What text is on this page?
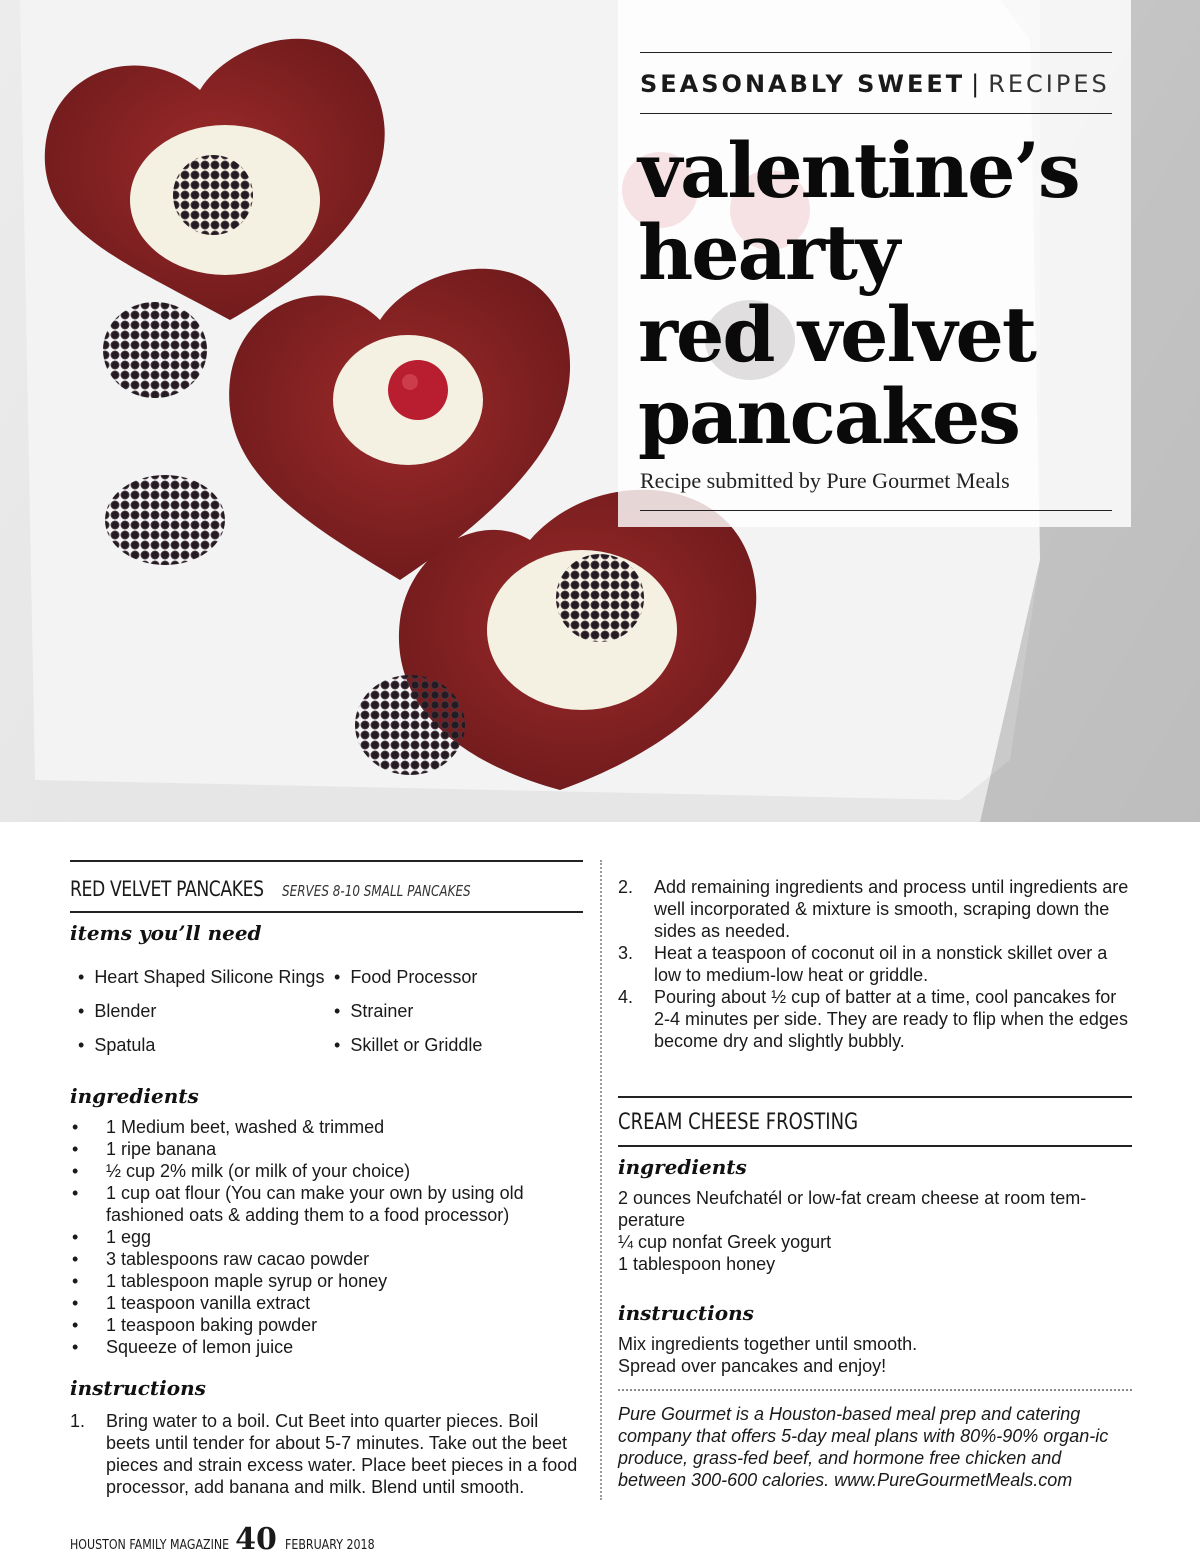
SEASONABLY SWEET | RECIPES
valentine’s
hearty
red velvet
pancakes
Recipe submitted by Pure Gourmet Meals
RED VELVET PANCAKES SERVES 8-10 SMALL PANCAKES
items you’ll need
• Heart Shaped Silicone Rings	• Food Processor
• Blender	• Strainer
• Spatula	• Skillet or Griddle
ingredients
• 1 Medium beet, washed & trimmed
• 1 ripe banana
• ½ cup 2% milk (or milk of your choice)
• 1 cup oat flour (You can make your own by using old fashioned oats & adding them to a food processor)
• 1 egg
• 3 tablespoons raw cacao powder
• 1 tablespoon maple syrup or honey
• 1 teaspoon vanilla extract
• 1 teaspoon baking powder
• Squeeze of lemon juice
instructions
1.	Bring water to a boil. Cut Beet into quarter pieces. Boil beets until tender for about 5-7 minutes. Take out the beet pieces and strain excess water. Place beet pieces in a food processor, add banana and milk. Blend until smooth.
2.	Add remaining ingredients and process until ingredients are well incorporated & mixture is smooth, scraping down the sides as needed.
3.	Heat a teaspoon of coconut oil in a nonstick skillet over a low to medium-low heat or griddle.
4.	Pouring about ½ cup of batter at a time, cool pancakes for 2-4 minutes per side. They are ready to flip when the edges become dry and slightly bubbly.
CREAM CHEESE FROSTING
ingredients
2 ounces Neufchatél or low-fat cream cheese at room tem-perature
¼ cup nonfat Greek yogurt
1 tablespoon honey
instructions
Mix ingredients together until smooth.
Spread over pancakes and enjoy!
Pure Gourmet is a Houston-based meal prep and catering company that offers 5-day meal plans with 80%-90% organ-ic produce, grass-fed beef, and hormone free chicken and between 300-600 calories. www.PureGourmetMeals.com
HOUSTON FAMILY MAGAZINE 40 FEBRUARY 2018
